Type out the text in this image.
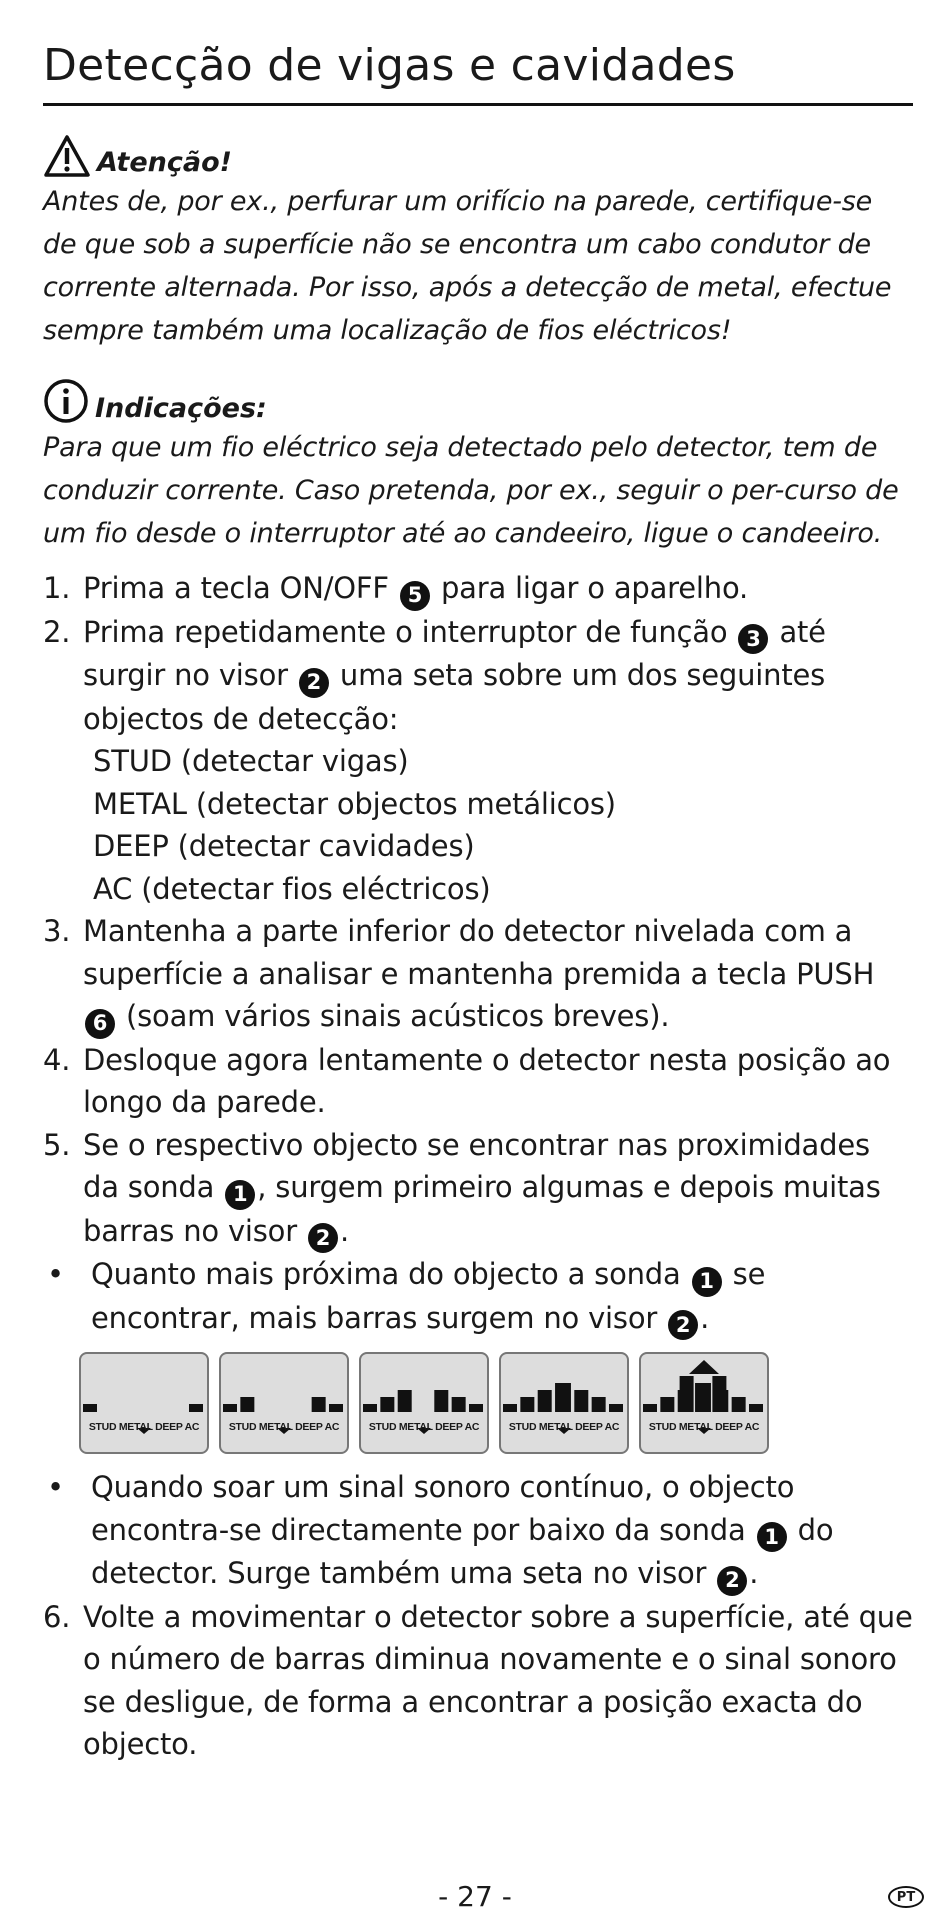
Detecção de vigas e cavidades
Atenção!

Antes de, por ex., perfurar um orifício na parede, certifique-se de que sob a superfície não se encontra um cabo condutor de corrente alternada. Por isso, após a detecção de metal, efectue sempre também uma localização de fios eléctricos!

Indicações:

Para que um fio eléctrico seja detectado pelo detector, tem de conduzir corrente. Caso pretenda, por ex., seguir o per-curso de um fio desde o interruptor até ao candeeiro, ligue o candeeiro.

1. Prima a tecla ON/OFF 5 para ligar o aparelho.
2. Prima repetidamente o interruptor de função 3 até surgir no visor 2 uma seta sobre um dos seguintes objectos de detecção:
STUD (detectar vigas)
METAL (detectar objectos metálicos)
DEEP (detectar cavidades)
AC (detectar fios eléctricos)
3. Mantenha a parte inferior do detector nivelada com a superfície a analisar e mantenha premida a tecla PUSH 6 (soam vários sinais acústicos breves).
4. Desloque agora lentamente o detector nesta posição ao longo da parede.
5. Se o respectivo objecto se encontrar nas proximidades da sonda 1 , surgem primeiro algumas e depois muitas barras no visor 2 .
• Quanto mais próxima do objecto a sonda 1 se encontrar, mais barras surgem no visor 2 .
STUD METAL DEEP AC	STUD METAL DEEP AC	STUD METAL DEEP AC	STUD METAL DEEP AC	STUD METAL DEEP AC
• Quando soar um sinal sonoro contínuo, o objecto encontra-se directamente por baixo da sonda 1 do detector. Surge também uma seta no visor 2 .
6. Volte a movimentar o detector sobre a superfície, até que o número de barras diminua novamente e o sinal sonoro se desligue, de forma a encontrar a posição exacta do objecto.
- 27 -	PT
